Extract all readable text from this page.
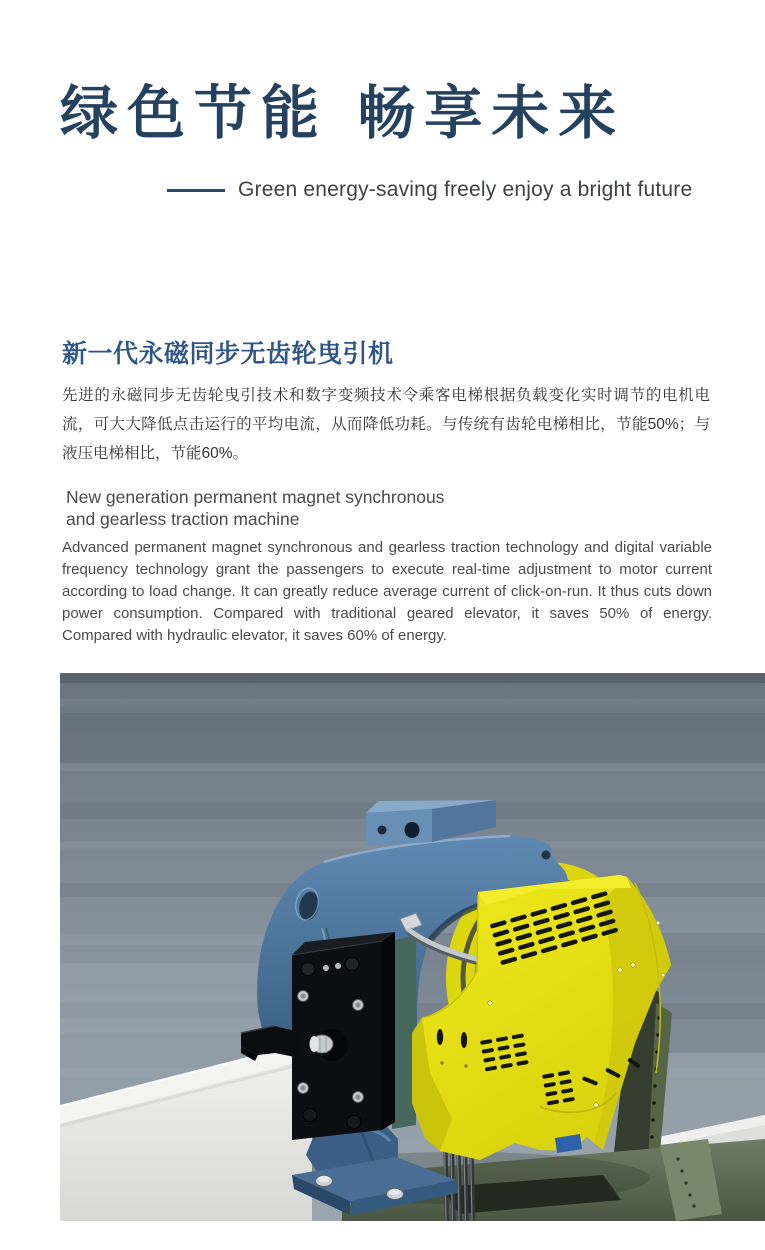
绿色节能 畅享未来
Green energy-saving freely enjoy a bright future
新一代永磁同步无齿轮曳引机
先进的永磁同步无齿轮曳引技术和数字变频技术令乘客电梯根据负载变化实时调节的电机电流，可大大降低点击运行的平均电流，从而降低功耗。与传统有齿轮电梯相比，节能50%；与液压电梯相比，节能60%。
New generation permanent magnet synchronous
and gearless traction machine
Advanced permanent magnet synchronous and gearless traction technology and digital variable frequency technology grant the passengers to execute real-time adjustment to motor current according to load change. It can greatly reduce average current of click-on-run. It thus cuts down power consumption. Compared with traditional geared elevator, it saves 50% of energy. Compared with hydraulic elevator, it saves 60% of energy.
